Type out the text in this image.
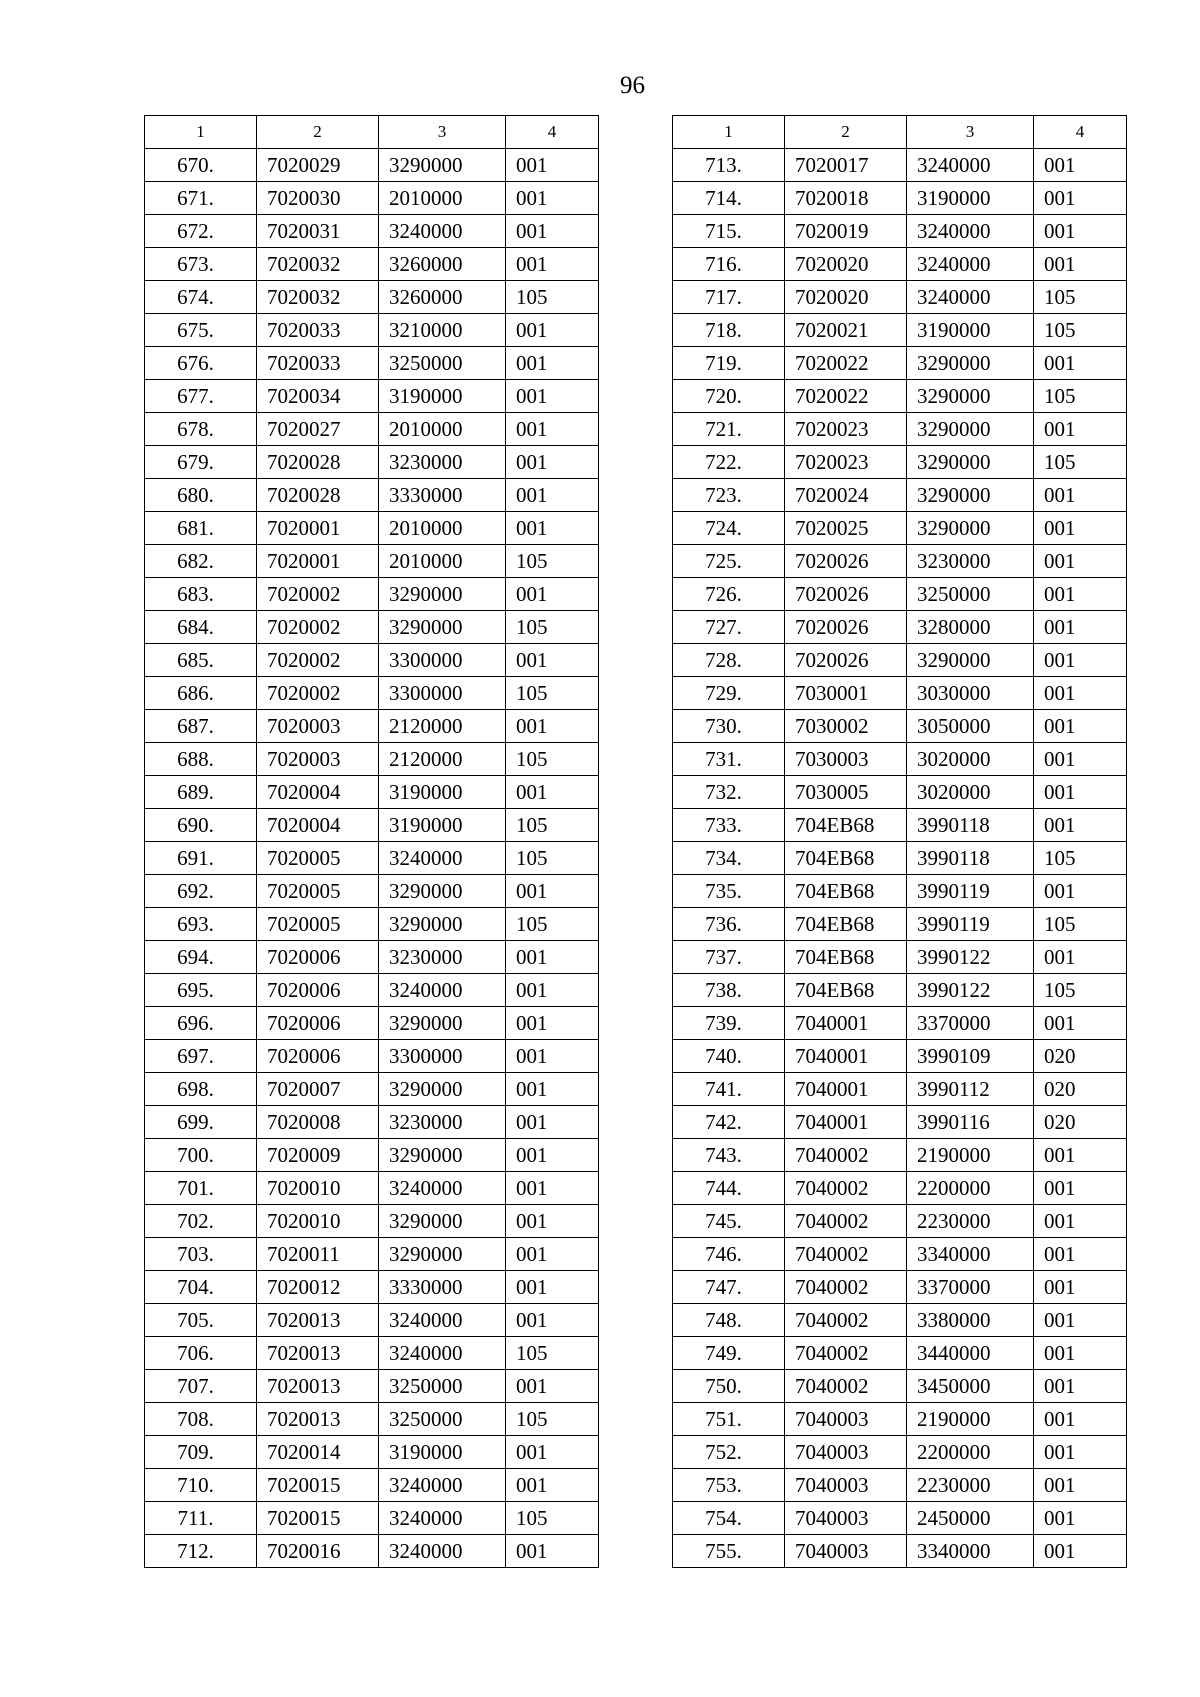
96
1	2	3	4
670.	7020029	3290000	001
671.	7020030	2010000	001
672.	7020031	3240000	001
673.	7020032	3260000	001
674.	7020032	3260000	105
675.	7020033	3210000	001
676.	7020033	3250000	001
677.	7020034	3190000	001
678.	7020027	2010000	001
679.	7020028	3230000	001
680.	7020028	3330000	001
681.	7020001	2010000	001
682.	7020001	2010000	105
683.	7020002	3290000	001
684.	7020002	3290000	105
685.	7020002	3300000	001
686.	7020002	3300000	105
687.	7020003	2120000	001
688.	7020003	2120000	105
689.	7020004	3190000	001
690.	7020004	3190000	105
691.	7020005	3240000	105
692.	7020005	3290000	001
693.	7020005	3290000	105
694.	7020006	3230000	001
695.	7020006	3240000	001
696.	7020006	3290000	001
697.	7020006	3300000	001
698.	7020007	3290000	001
699.	7020008	3230000	001
700.	7020009	3290000	001
701.	7020010	3240000	001
702.	7020010	3290000	001
703.	7020011	3290000	001
704.	7020012	3330000	001
705.	7020013	3240000	001
706.	7020013	3240000	105
707.	7020013	3250000	001
708.	7020013	3250000	105
709.	7020014	3190000	001
710.	7020015	3240000	001
711.	7020015	3240000	105
712.	7020016	3240000	001
1	2	3	4
713.	7020017	3240000	001
714.	7020018	3190000	001
715.	7020019	3240000	001
716.	7020020	3240000	001
717.	7020020	3240000	105
718.	7020021	3190000	105
719.	7020022	3290000	001
720.	7020022	3290000	105
721.	7020023	3290000	001
722.	7020023	3290000	105
723.	7020024	3290000	001
724.	7020025	3290000	001
725.	7020026	3230000	001
726.	7020026	3250000	001
727.	7020026	3280000	001
728.	7020026	3290000	001
729.	7030001	3030000	001
730.	7030002	3050000	001
731.	7030003	3020000	001
732.	7030005	3020000	001
733.	704EB68	3990118	001
734.	704EB68	3990118	105
735.	704EB68	3990119	001
736.	704EB68	3990119	105
737.	704EB68	3990122	001
738.	704EB68	3990122	105
739.	7040001	3370000	001
740.	7040001	3990109	020
741.	7040001	3990112	020
742.	7040001	3990116	020
743.	7040002	2190000	001
744.	7040002	2200000	001
745.	7040002	2230000	001
746.	7040002	3340000	001
747.	7040002	3370000	001
748.	7040002	3380000	001
749.	7040002	3440000	001
750.	7040002	3450000	001
751.	7040003	2190000	001
752.	7040003	2200000	001
753.	7040003	2230000	001
754.	7040003	2450000	001
755.	7040003	3340000	001
